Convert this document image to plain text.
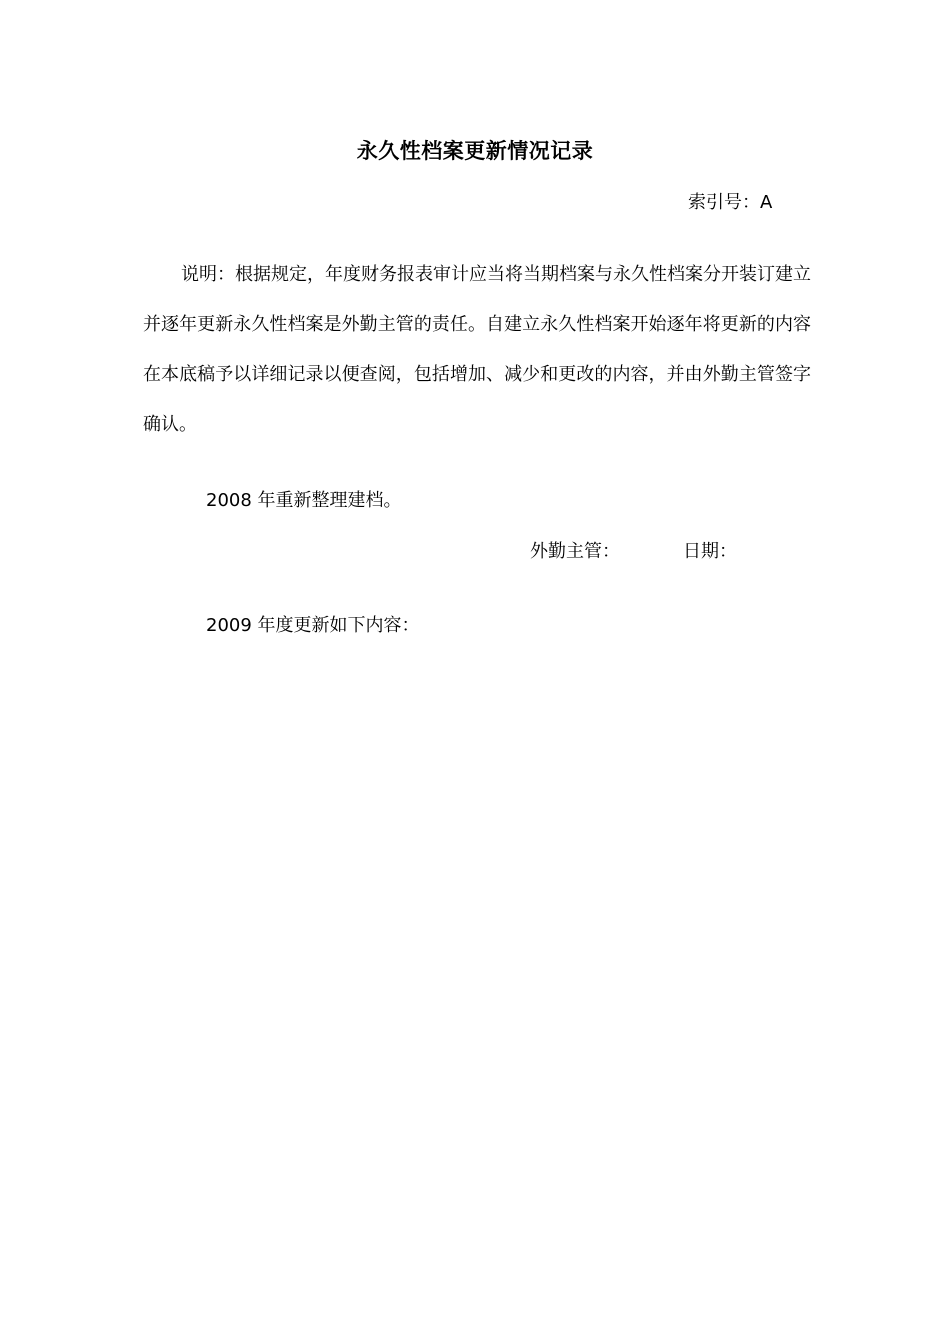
永久性档案更新情况记录
索引号：A
说明：根据规定，年度财务报表审计应当将当期档案与永久性档案分开装订建立并逐年更新永久性档案是外勤主管的责任。自建立永久性档案开始逐年将更新的内容在本底稿予以详细记录以便查阅，包括增加、减少和更改的内容，并由外勤主管签字确认。
2008 年重新整理建档。
外勤主管：	日期：
2009 年度更新如下内容：
